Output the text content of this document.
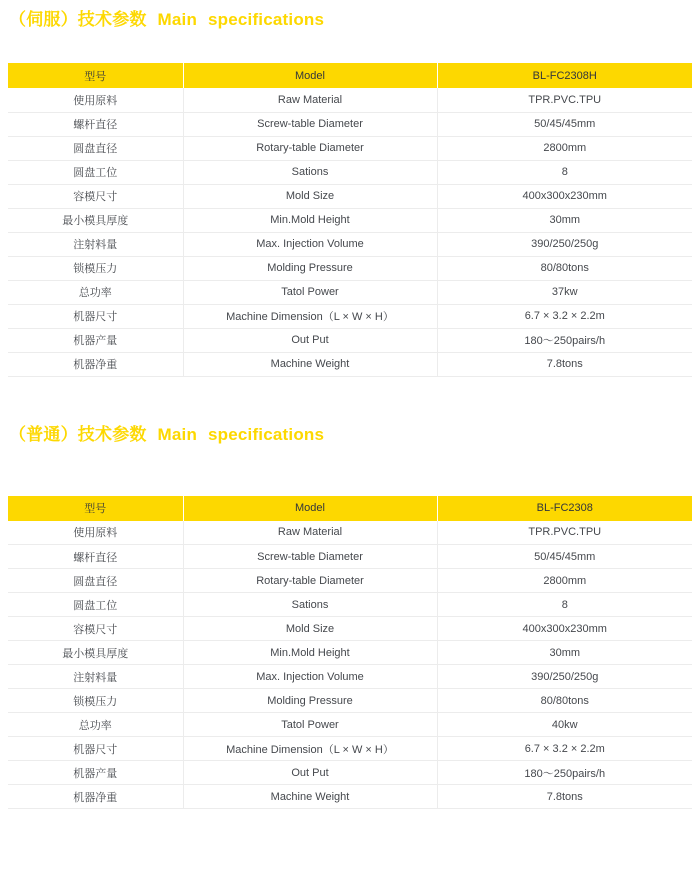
（伺服）技术参数 Main specifications
型号	Model	BL-FC2308H
使用原料	Raw Material	TPR.PVC.TPU
螺杆直径	Screw-table Diameter	50/45/45mm
圆盘直径	Rotary-table Diameter	2800mm
圆盘工位	Sations	8
容模尺寸	Mold Size	400x300x230mm
最小模具厚度	Min.Mold Height	30mm
注射料量	Max. Injection Volume	390/250/250g
锁模压力	Molding Pressure	80/80tons
总功率	Tatol Power	37kw
机器尺寸	Machine Dimension（L × W × H）	6.7 × 3.2 × 2.2m
机器产量	Out Put	180～250pairs/h
机器净重	Machine Weight	7.8tons
（普通）技术参数 Main specifications
型号	Model	BL-FC2308
使用原料	Raw Material	TPR.PVC.TPU
螺杆直径	Screw-table Diameter	50/45/45mm
圆盘直径	Rotary-table Diameter	2800mm
圆盘工位	Sations	8
容模尺寸	Mold Size	400x300x230mm
最小模具厚度	Min.Mold Height	30mm
注射料量	Max. Injection Volume	390/250/250g
锁模压力	Molding Pressure	80/80tons
总功率	Tatol Power	40kw
机器尺寸	Machine Dimension（L × W × H）	6.7 × 3.2 × 2.2m
机器产量	Out Put	180～250pairs/h
机器净重	Machine Weight	7.8tons
